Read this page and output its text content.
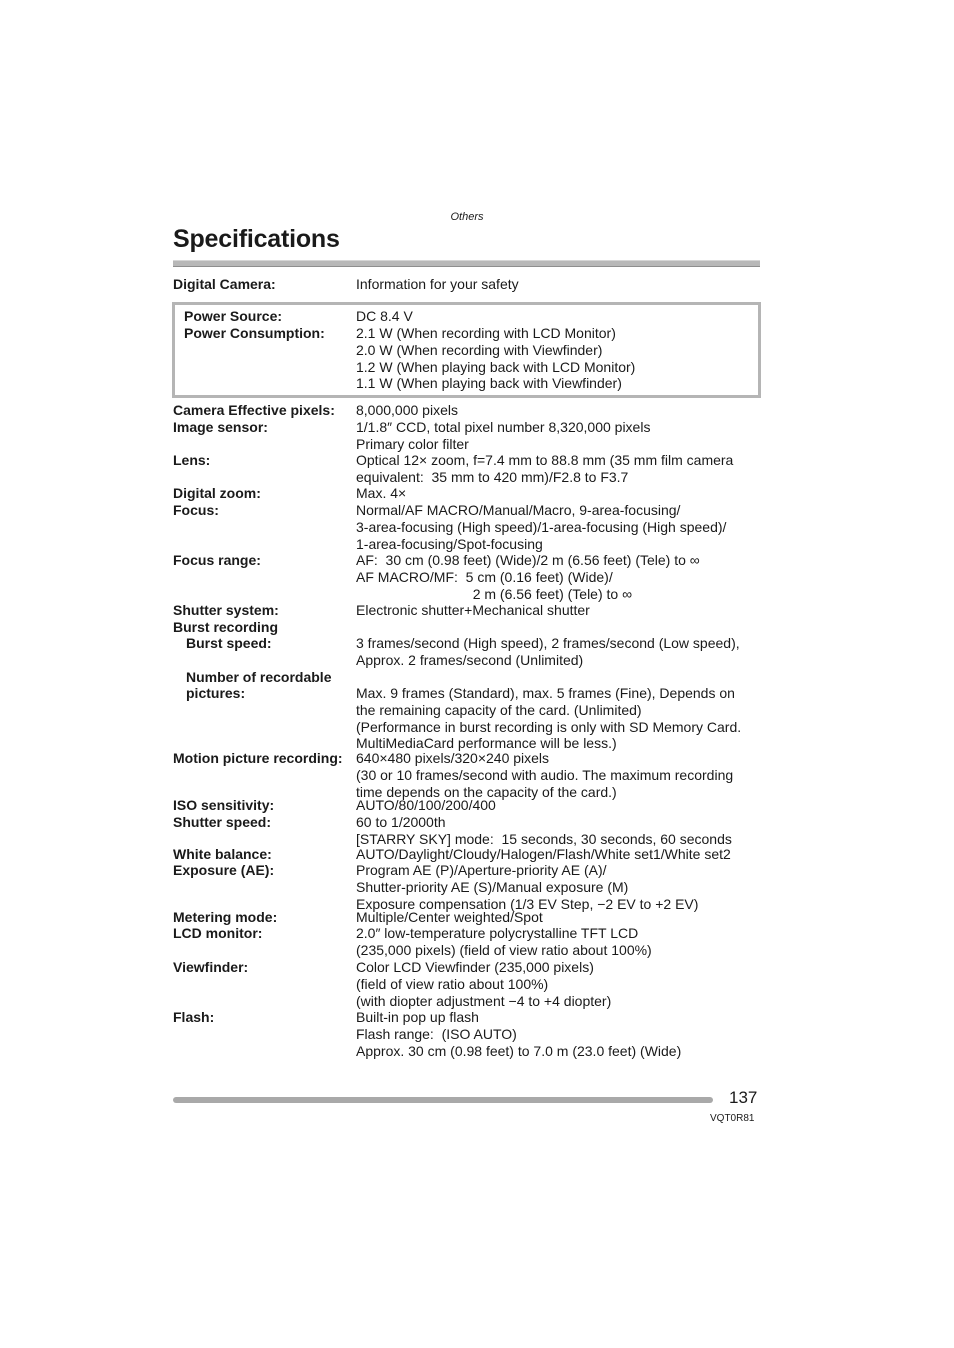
Others
Specifications
Digital Camera:	Information for your safety
Power Source:	DC 8.4 V
Power Consumption: 2.1 W (When recording with LCD Monitor)
2.0 W (When recording with Viewfinder)
1.2 W (When playing back with LCD Monitor)
1.1 W (When playing back with Viewfinder)
Camera Effective pixels: 8,000,000 pixels
Image sensor:	1/1.8″ CCD, total pixel number 8,320,000 pixels
Primary color filter
Lens:	Optical 12× zoom, f=7.4 mm to 88.8 mm (35 mm film camera
equivalent:  35 mm to 420 mm)/F2.8 to F3.7
Digital zoom:	Max. 4×
Focus:	Normal/AF MACRO/Manual/Macro, 9-area-focusing/
3-area-focusing (High speed)/1-area-focusing (High speed)/
1-area-focusing/Spot-focusing
Focus range:	AF:  30 cm (0.98 feet) (Wide)/2 m (6.56 feet) (Tele) to ∞
AF MACRO/MF:  5 cm (0.16 feet) (Wide)/
2 m (6.56 feet) (Tele) to ∞
Shutter system:	Electronic shutter+Mechanical shutter
Burst recording
Burst speed:	3 frames/second (High speed), 2 frames/second (Low speed),
Approx. 2 frames/second (Unlimited)
Number of recordable
pictures:	Max. 9 frames (Standard), max. 5 frames (Fine), Depends on
the remaining capacity of the card. (Unlimited)
(Performance in burst recording is only with SD Memory Card.
MultiMediaCard performance will be less.)
Motion picture recording: 640×480 pixels/320×240 pixels
(30 or 10 frames/second with audio. The maximum recording
time depends on the capacity of the card.)
ISO sensitivity:	AUTO/80/100/200/400
Shutter speed:	60 to 1/2000th
[STARRY SKY] mode:  15 seconds, 30 seconds, 60 seconds
White balance:	AUTO/Daylight/Cloudy/Halogen/Flash/White set1/White set2
Exposure (AE):	Program AE (P)/Aperture-priority AE (A)/
Shutter-priority AE (S)/Manual exposure (M)
Exposure compensation (1/3 EV Step, −2 EV to +2 EV)
Metering mode:	Multiple/Center weighted/Spot
LCD monitor:	2.0″ low-temperature polycrystalline TFT LCD
(235,000 pixels) (field of view ratio about 100%)
Viewfinder:	Color LCD Viewfinder (235,000 pixels)
(field of view ratio about 100%)
(with diopter adjustment −4 to +4 diopter)
Flash:	Built-in pop up flash
Flash range:  (ISO AUTO)
Approx. 30 cm (0.98 feet) to 7.0 m (23.0 feet) (Wide)
137
VQT0R81
